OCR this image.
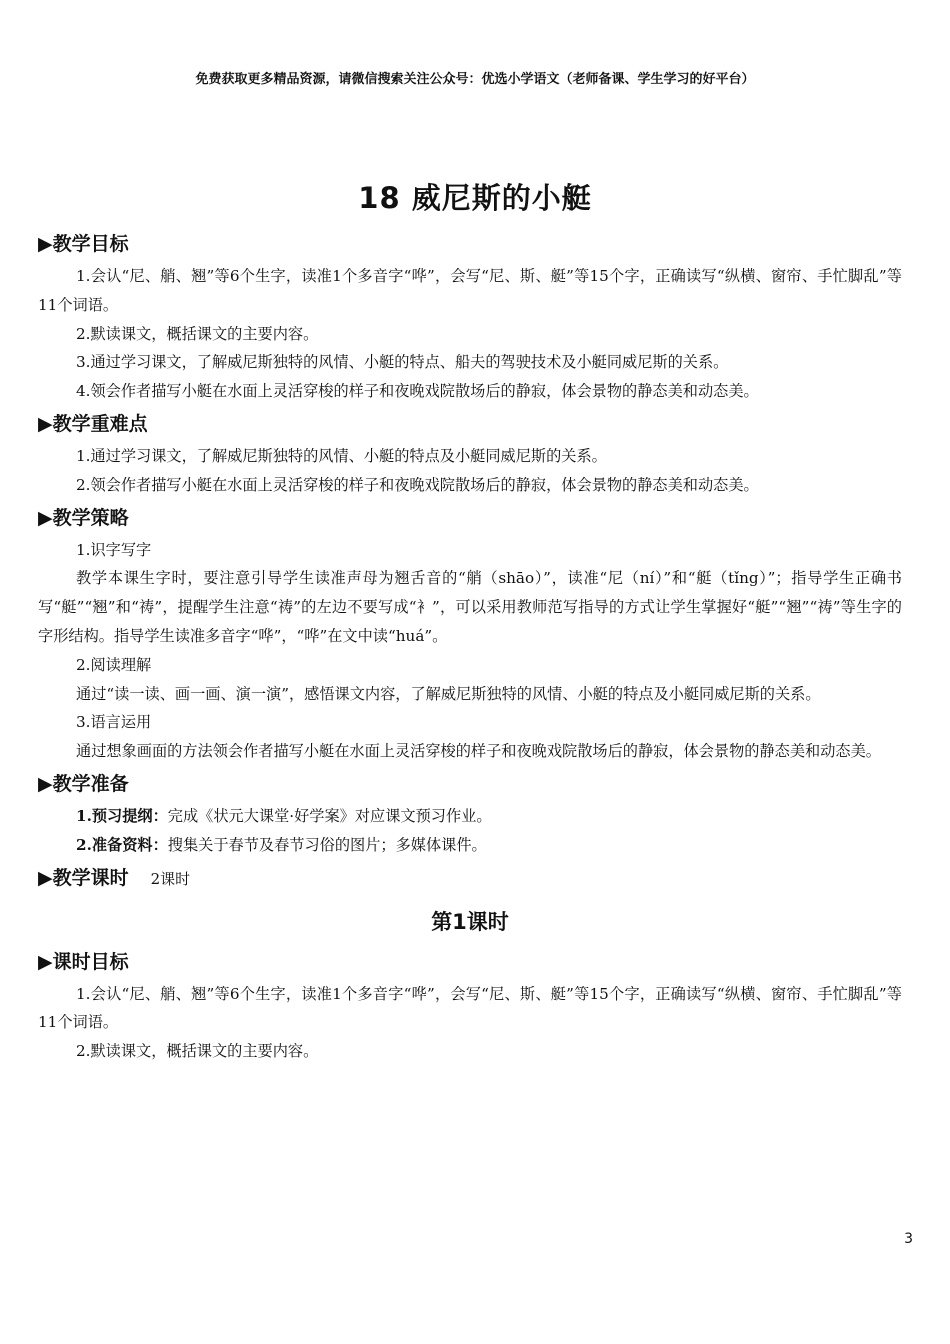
免费获取更多精品资源，请微信搜索关注公众号：优选小学语文（老师备课、学生学习的好平台）
18 威尼斯的小艇
▶教学目标
1.会认“尼、艄、翘”等6个生字，读准1个多音字“哗”，会写“尼、斯、艇”等15个字，正确读写“纵横、窗帘、手忙脚乱”等11个词语。
2.默读课文，概括课文的主要内容。
3.通过学习课文，了解威尼斯独特的风情、小艇的特点、船夫的驾驶技术及小艇同威尼斯的关系。
4.领会作者描写小艇在水面上灵活穿梭的样子和夜晚戏院散场后的静寂，体会景物的静态美和动态美。
▶教学重难点
1.通过学习课文，了解威尼斯独特的风情、小艇的特点及小艇同威尼斯的关系。
2.领会作者描写小艇在水面上灵活穿梭的样子和夜晚戏院散场后的静寂，体会景物的静态美和动态美。
▶教学策略
1.识字写字
教学本课生字时，要注意引导学生读准声母为翘舌音的“艄（shāo）”，读准“尼（ní）”和“艇（tǐng）”；指导学生正确书写“艇”“翘”和“祷”，提醒学生注意“祷”的左边不要写成“衤”，可以采用教师范写指导的方式让学生掌握好“艇”“翘”“祷”等生字的字形结构。指导学生读准多音字“哗”，“哗”在文中读“huá”。
2.阅读理解
通过“读一读、画一画、演一演”，感悟课文内容，了解威尼斯独特的风情、小艇的特点及小艇同威尼斯的关系。
3.语言运用
通过想象画面的方法领会作者描写小艇在水面上灵活穿梭的样子和夜晚戏院散场后的静寂，体会景物的静态美和动态美。
▶教学准备
1.预习提纲：完成《状元大课堂·好学案》对应课文预习作业。
2.准备资料：搜集关于春节及春节习俗的图片；多媒体课件。
▶教学课时 2课时
第1课时
▶课时目标
1.会认“尼、艄、翘”等6个生字，读准1个多音字“哗”，会写“尼、斯、艇”等15个字，正确读写“纵横、窗帘、手忙脚乱”等11个词语。
2.默读课文，概括课文的主要内容。
3
